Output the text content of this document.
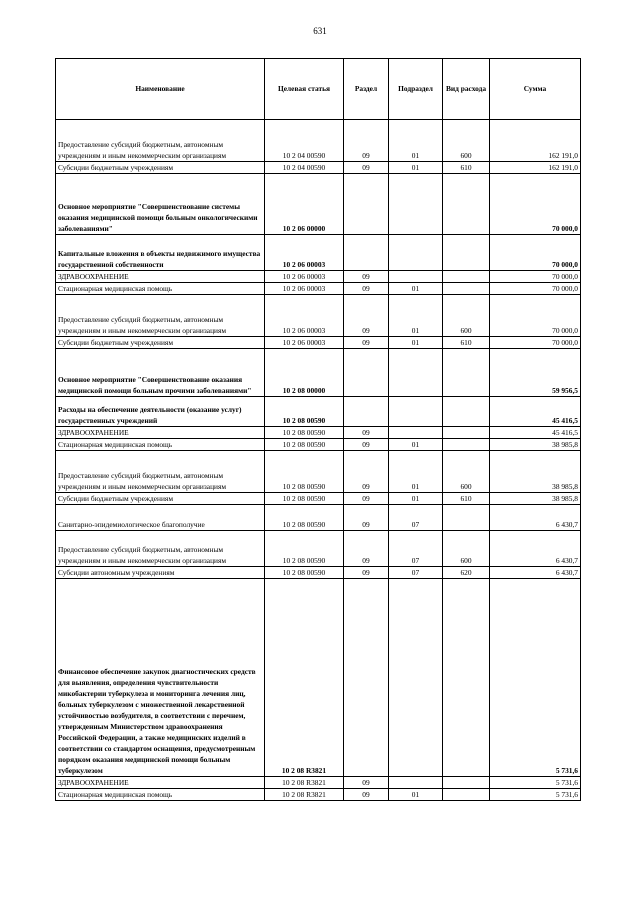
631
Наименование	Целевая статья	Раздел	Подраздел	Вид расхода	Сумма
Предоставление субсидий бюджетным, автономным учреждениям и иным некоммерческим организациям	10 2 04 00590	09	01	600	162 191,0
Субсидии бюджетным учреждениям	10 2 04 00590	09	01	610	162 191,0
Основное мероприятие "Совершенствование системы оказания медицинской помощи больным онкологическими заболеваниями"	10 2 06 00000				70 000,0
Капитальные вложения в объекты недвижимого имущества государственной собственности	10 2 06 00003				70 000,0
ЗДРАВООХРАНЕНИЕ	10 2 06 00003	09			70 000,0
Стационарная медицинская помощь	10 2 06 00003	09	01		70 000,0
Предоставление субсидий бюджетным, автономным учреждениям и иным некоммерческим организациям	10 2 06 00003	09	01	600	70 000,0
Субсидии бюджетным учреждениям	10 2 06 00003	09	01	610	70 000,0
Основное мероприятие "Совершенствование оказания медицинской помощи больным прочими заболеваниями"	10 2 08 00000				59 956,5
Расходы на обеспечение деятельности (оказание услуг) государственных учреждений	10 2 08 00590				45 416,5
ЗДРАВООХРАНЕНИЕ	10 2 08 00590	09			45 416,5
Стационарная медицинская помощь	10 2 08 00590	09	01		38 985,8
Предоставление субсидий бюджетным, автономным учреждениям и иным некоммерческим организациям	10 2 08 00590	09	01	600	38 985,8
Субсидии бюджетным учреждениям	10 2 08 00590	09	01	610	38 985,8
Санитарно-эпидемиологическое благополучие	10 2 08 00590	09	07		6 430,7
Предоставление субсидий бюджетным, автономным учреждениям и иным некоммерческим организациям	10 2 08 00590	09	07	600	6 430,7
Субсидии автономным учреждениям	10 2 08 00590	09	07	620	6 430,7
Финансовое обеспечение закупок диагностических средств для выявления, определения чувствительности микобактерии туберкулеза и мониторинга лечения лиц, больных туберкулезом с множественной лекарственной устойчивостью возбудителя, в соответствии с перечнем, утвержденным Министерством здравоохранения Российской Федерации, а также медицинских изделий в соответствии со стандартом оснащения, предусмотренным порядком оказания медицинской помощи больным туберкулезом	10 2 08 R3821				5 731,6
ЗДРАВООХРАНЕНИЕ	10 2 08 R3821	09			5 731,6
Стационарная медицинская помощь	10 2 08 R3821	09	01		5 731,6
